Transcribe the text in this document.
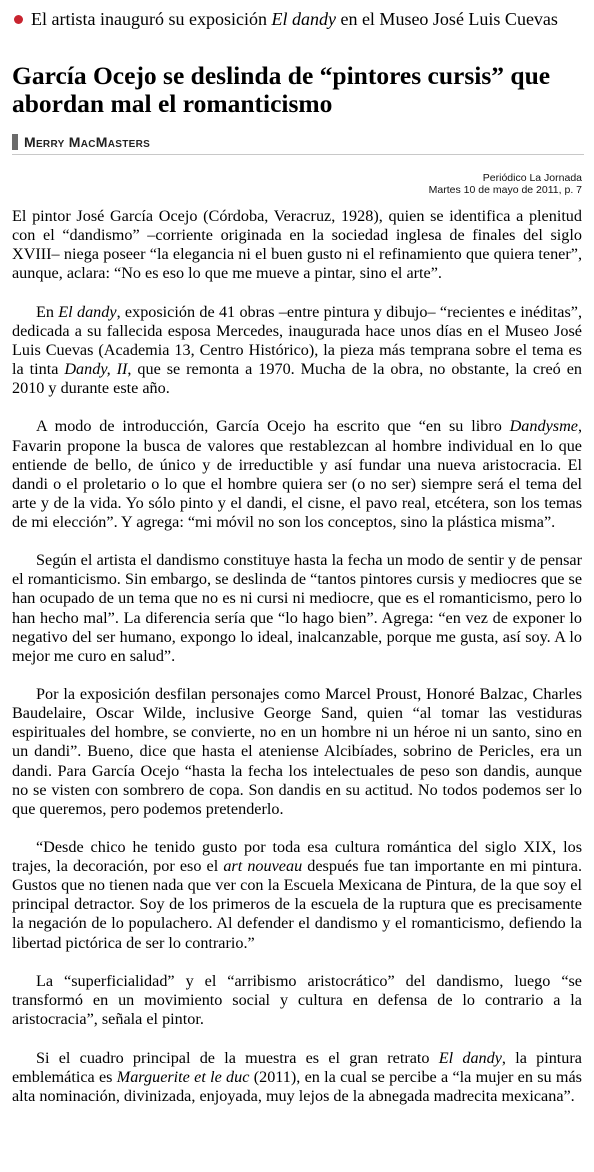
El artista inauguró su exposición El dandy en el Museo José Luis Cuevas
García Ocejo se deslinda de “pintores cursis” que abordan mal el romanticismo
Merry MacMasters
Periódico La Jornada
Martes 10 de mayo de 2011, p. 7

El pintor José García Ocejo (Córdoba, Veracruz, 1928), quien se identifica a plenitud con el “dandismo” –corriente originada en la sociedad inglesa de finales del siglo XVIII– niega poseer “la elegancia ni el buen gusto ni el refinamiento que quiera tener”, aunque, aclara: “No es eso lo que me mueve a pintar, sino el arte”.

En El dandy, exposición de 41 obras –entre pintura y dibujo– “recientes e inéditas”, dedicada a su fallecida esposa Mercedes, inaugurada hace unos días en el Museo José Luis Cuevas (Academia 13, Centro Histórico), la pieza más temprana sobre el tema es la tinta Dandy, II, que se remonta a 1970. Mucha de la obra, no obstante, la creó en 2010 y durante este año.

A modo de introducción, García Ocejo ha escrito que “en su libro Dandysme, Favarin propone la busca de valores que restablezcan al hombre individual en lo que entiende de bello, de único y de irreductible y así fundar una nueva aristocracia. El dandi o el proletario o lo que el hombre quiera ser (o no ser) siempre será el tema del arte y de la vida. Yo sólo pinto y el dandi, el cisne, el pavo real, etcétera, son los temas de mi elección”. Y agrega: “mi móvil no son los conceptos, sino la plástica misma”.

Según el artista el dandismo constituye hasta la fecha un modo de sentir y de pensar el romanticismo. Sin embargo, se deslinda de “tantos pintores cursis y mediocres que se han ocupado de un tema que no es ni cursi ni mediocre, que es el romanticismo, pero lo han hecho mal”. La diferencia sería que “lo hago bien”. Agrega: “en vez de exponer lo negativo del ser humano, expongo lo ideal, inalcanzable, porque me gusta, así soy. A lo mejor me curo en salud”.

Por la exposición desfilan personajes como Marcel Proust, Honoré Balzac, Charles Baudelaire, Oscar Wilde, inclusive George Sand, quien “al tomar las vestiduras espirituales del hombre, se convierte, no en un hombre ni un héroe ni un santo, sino en un dandi”. Bueno, dice que hasta el ateniense Alcibíades, sobrino de Pericles, era un dandi. Para García Ocejo “hasta la fecha los intelectuales de peso son dandis, aunque no se visten con sombrero de copa. Son dandis en su actitud. No todos podemos ser lo que queremos, pero podemos pretenderlo.

“Desde chico he tenido gusto por toda esa cultura romántica del siglo XIX, los trajes, la decoración, por eso el art nouveau después fue tan importante en mi pintura. Gustos que no tienen nada que ver con la Escuela Mexicana de Pintura, de la que soy el principal detractor. Soy de los primeros de la escuela de la ruptura que es precisamente la negación de lo populachero. Al defender el dandismo y el romanticismo, defiendo la libertad pictórica de ser lo contrario.”

La “superficialidad” y el “arribismo aristocrático” del dandismo, luego “se transformó en un movimiento social y cultura en defensa de lo contrario a la aristocracia”, señala el pintor.

Si el cuadro principal de la muestra es el gran retrato El dandy, la pintura emblemática es Marguerite et le duc (2011), en la cual se percibe a “la mujer en su más alta nominación, divinizada, enjoyada, muy lejos de la abnegada madrecita mexicana”.
